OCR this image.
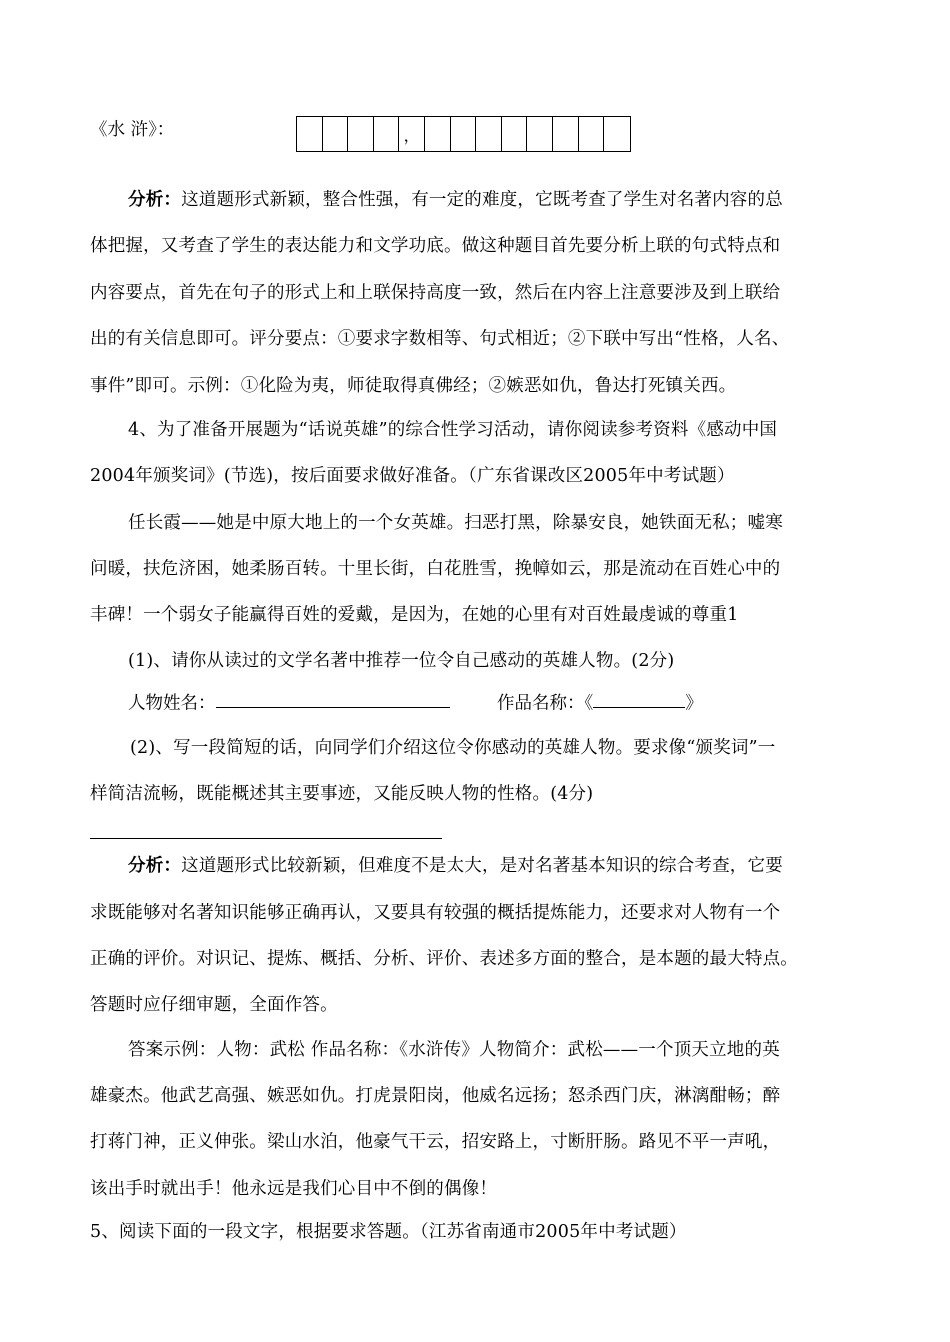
《水 浒》：	，
分析：这道题形式新颖，整合性强，有一定的难度，它既考查了学生对名著内容的总
体把握，又考查了学生的表达能力和文学功底。做这种题目首先要分析上联的句式特点和
内容要点，首先在句子的形式上和上联保持高度一致，然后在内容上注意要涉及到上联给
出的有关信息即可。评分要点：①要求字数相等、句式相近；②下联中写出“性格，人名、
事件”即可。示例：①化险为夷，师徒取得真佛经；②嫉恶如仇，鲁达打死镇关西。
4、为了准备开展题为“话说英雄”的综合性学习活动，请你阅读参考资料《感动中国
2004年颁奖词》(节选)，按后面要求做好准备。（广东省课改区2005年中考试题）
任长霞——她是中原大地上的一个女英雄。扫恶打黑，除暴安良，她铁面无私；嘘寒
问暖，扶危济困，她柔肠百转。十里长街，白花胜雪，挽幛如云，那是流动在百姓心中的
丰碑！一个弱女子能赢得百姓的爱戴，是因为，在她的心里有对百姓最虔诚的尊重1
(1)、请你从读过的文学名著中推荐一位令自己感动的英雄人物。(2分)
人物姓名：	作品名称：《	》
(2)、写一段简短的话，向同学们介绍这位令你感动的英雄人物。要求像“颁奖词”一
样简洁流畅，既能概述其主要事迹，又能反映人物的性格。(4分)
分析：这道题形式比较新颖，但难度不是太大，是对名著基本知识的综合考查，它要
求既能够对名著知识能够正确再认，又要具有较强的概括提炼能力，还要求对人物有一个
正确的评价。对识记、提炼、概括、分析、评价、表述多方面的整合，是本题的最大特点。
答题时应仔细审题，全面作答。
答案示例：人物：武松 作品名称：《水浒传》人物简介：武松——一个顶天立地的英
雄豪杰。他武艺高强、嫉恶如仇。打虎景阳岗，他威名远扬；怒杀西门庆，淋漓酣畅；醉
打蒋门神，正义伸张。梁山水泊，他豪气干云，招安路上，寸断肝肠。路见不平一声吼，
该出手时就出手！他永远是我们心目中不倒的偶像！
5、阅读下面的一段文字，根据要求答题。（江苏省南通市2005年中考试题）
